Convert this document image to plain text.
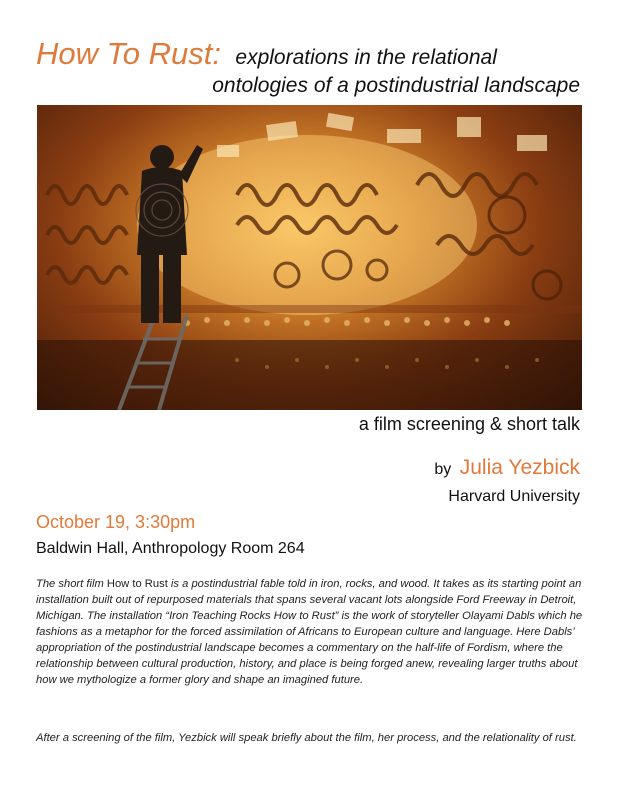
How To Rust: explorations in the relational
ontologies of a postindustrial landscape
a film screening & short talk
by Julia Yezbick
Harvard University
October 19, 3:30pm
Baldwin Hall, Anthropology Room 264

The short film How to Rust is a postindustrial fable told in iron, rocks, and wood. It takes as its starting point an installation built out of repurposed materials that spans several vacant lots alongside Ford Freeway in Detroit, Michigan. The installation “Iron Teaching Rocks How to Rust” is the work of storyteller Olayami Dabls which he fashions as a metaphor for the forced assimilation of Africans to European culture and language. Here Dabls’ appropriation of the postindustrial landscape becomes a commentary on the half-life of Fordism, where the relationship between cultural production, history, and place is being forged anew, revealing larger truths about how we mythologize a former glory and shape an imagined future.

After a screening of the film, Yezbick will speak briefly about the film, her process, and the relationality of rust.
